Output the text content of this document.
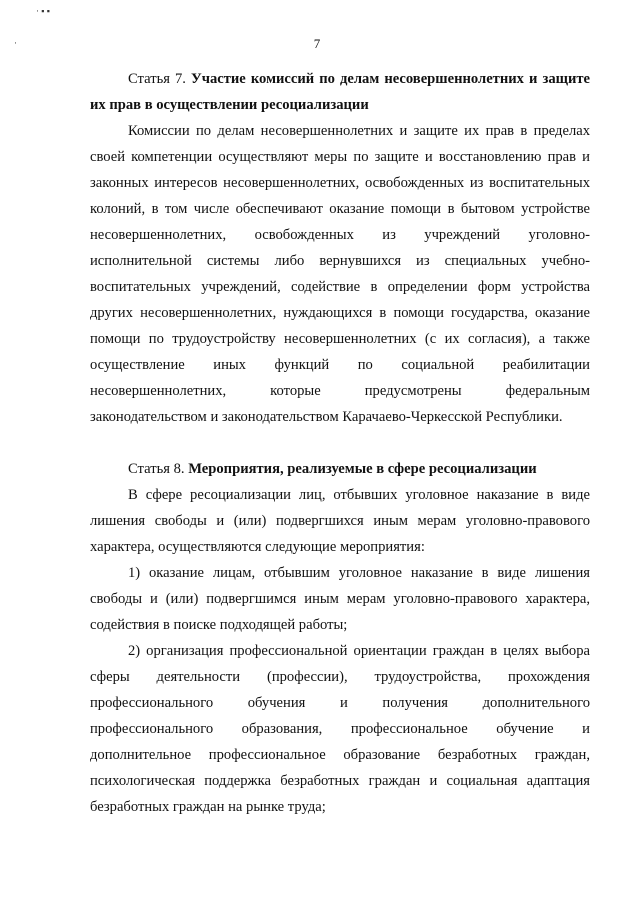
· ▪ ▪
·	7
Статья 7. Участие комиссий по делам несовершеннолетних и защите
их прав в осуществлении ресоциализации
Комиссии по делам несовершеннолетних и защите их прав в пределах
своей компетенции осуществляют меры по защите и восстановлению прав и
законных интересов несовершеннолетних, освобожденных из воспитательных
колоний, в том числе обеспечивают оказание помощи в бытовом устройстве
несовершеннолетних, освобожденных из учреждений уголовно-
исполнительной системы либо вернувшихся из специальных учебно-
воспитательных учреждений, содействие в определении форм устройства
других несовершеннолетних, нуждающихся в помощи государства, оказание
помощи по трудоустройству несовершеннолетних (с их согласия), а также
осуществление иных функций по социальной реабилитации
несовершеннолетних, которые предусмотрены федеральным
законодательством и законодательством Карачаево-Черкесской Республики.
Статья 8. Мероприятия, реализуемые в сфере ресоциализации
В сфере ресоциализации лиц, отбывших уголовное наказание в виде
лишения свободы и (или) подвергшихся иным мерам уголовно-правового
характера, осуществляются следующие мероприятия:
1) оказание лицам, отбывшим уголовное наказание в виде лишения
свободы и (или) подвергшимся иным мерам уголовно-правового характера,
содействия в поиске подходящей работы;
2) организация профессиональной ориентации граждан в целях выбора
сферы деятельности (профессии), трудоустройства, прохождения
профессионального обучения и получения дополнительного
профессионального образования, профессиональное обучение и
дополнительное профессиональное образование безработных граждан,
психологическая поддержка безработных граждан и социальная адаптация
безработных граждан на рынке труда;
